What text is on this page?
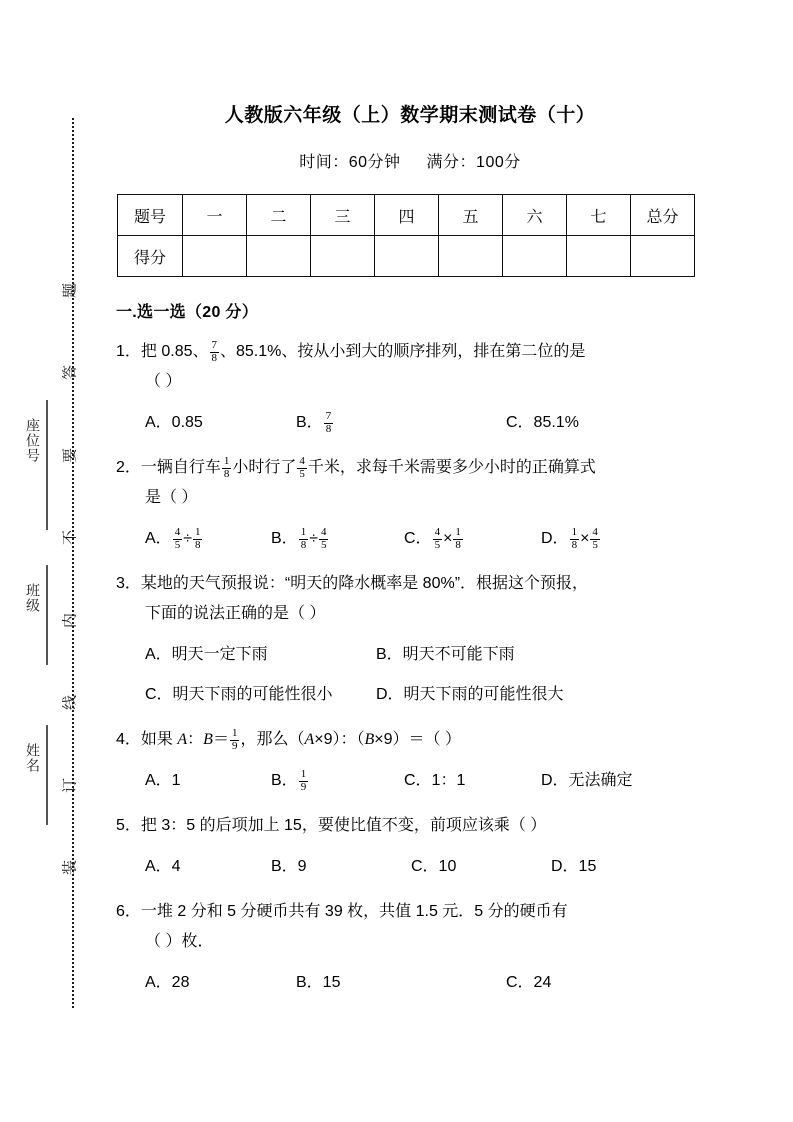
题
答
要
不
内
线
订
装
座位号
班级
姓名
人教版六年级（上）数学期末测试卷（十）
时间：60分钟 满分：100分
题号	一	二	三	四	五	六	七	总分
得分								
一.选一选（20 分）
1．把 0.85、 $\frac{7}{8}$ 、85.1%、按从小到大的顺序排列，排在第二位的是
（ ）
A．0.85	B． $\frac{7}{8}$	C．85.1%
2．一辆自行车 $\frac{1}{8}$ 小时行了 $\frac{4}{5}$ 千米，求每千米需要多少小时的正确算式
是（ ）
A． $\frac{4}{5} \div \frac{1}{8}$	B． $\frac{1}{8} \div \frac{4}{5}$	C． $\frac{4}{5} \times \frac{1}{8}$	D． $\frac{1}{8} \times \frac{4}{5}$
3．某地的天气预报说：“明天的降水概率是 80%”．根据这个预报，
下面的说法正确的是（ ）
A．明天一定下雨	B．明天不可能下雨
C．明天下雨的可能性很小	D．明天下雨的可能性很大
4．如果 A：$B= \frac{1}{9}$ ，那么（A×9）：（B×9）＝（ ）
A．1	B． $\frac{1}{9}$	C．1：1	D．无法确定
5．把 3：5 的后项加上 15，要使比值不变，前项应该乘（ ）
A．4	B．9	C．10	D．15
6．一堆 2 分和 5 分硬币共有 39 枚，共值 1.5 元．5 分的硬币有
（ ）枚．
A．28	B．15	C．24
